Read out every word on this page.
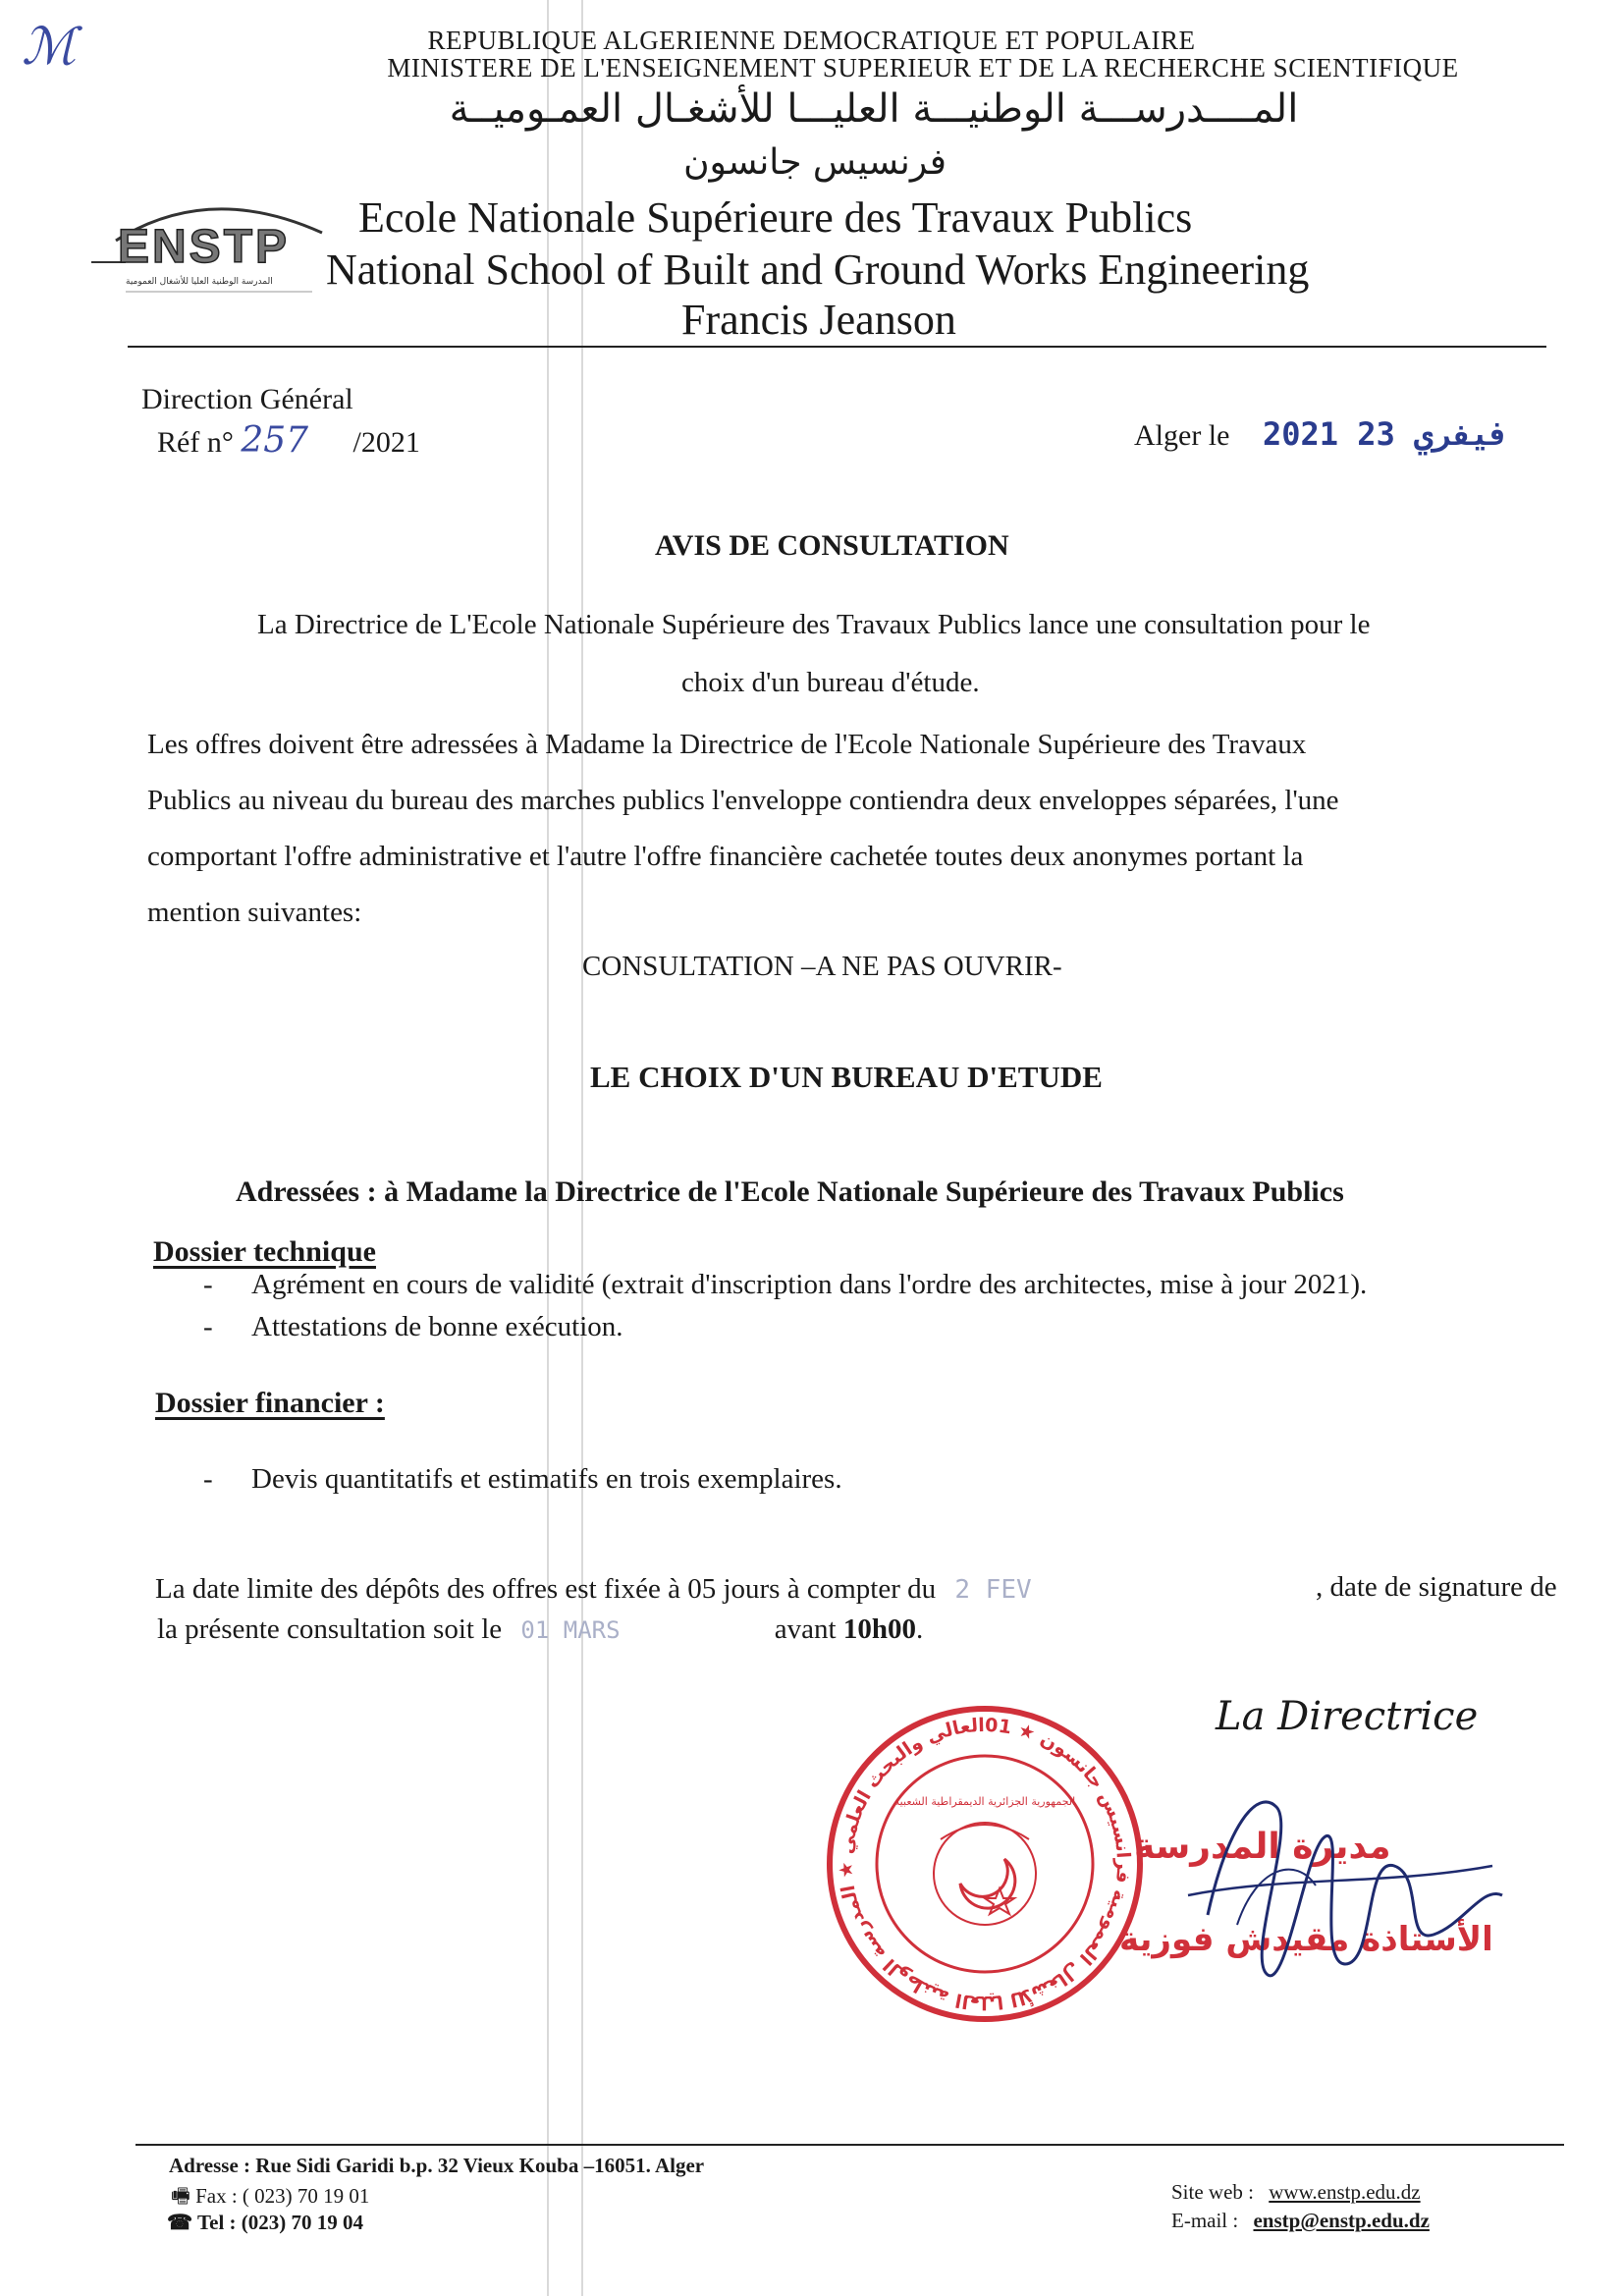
ℳ	REPUBLIQUE ALGERIENNE DEMOCRATIQUE ET POPULAIRE
MINISTERE DE L'ENSEIGNEMENT SUPERIEUR ET DE LA RECHERCHE SCIENTIFIQUE
المــــدرســـة الوطنيـــة العليـــا للأشغـال العمـوميــة
فرنسيس جانسون
ENSTP
المدرسة الوطنية العليا للأشغال العمومية
Ecole Nationale Supérieure des Travaux Publics
National School of Built and Ground Works Engineering
Francis Jeanson
Direction Général
Réf n° 257 /2021	Alger le 2021 فيفري 23
AVIS DE CONSULTATION
La Directrice de L'Ecole Nationale Supérieure des Travaux Publics lance une consultation pour le
choix d'un bureau d'étude.
Les offres doivent être adressées à Madame la Directrice de l'Ecole Nationale Supérieure des Travaux
Publics au niveau du bureau des marches publics l'enveloppe contiendra deux enveloppes séparées, l'une
comportant l'offre administrative et l'autre l'offre financière cachetée toutes deux anonymes portant la
mention suivantes:
CONSULTATION –A NE PAS OUVRIR-
LE CHOIX D'UN BUREAU D'ETUDE
Adressées : à Madame la Directrice de l'Ecole Nationale Supérieure des Travaux Publics
Dossier technique
- Agrément en cours de validité (extrait d'inscription dans l'ordre des architectes, mise à jour 2021).
- Attestations de bonne exécution.
Dossier financier :
- Devis quantitatifs et estimatifs en trois exemplaires.
La date limite des dépôts des offres est fixée à 05 jours à compter du 2 FEV	, date de signature de
la présente consultation soit le 01 MARS	avant 10h00.
La Directrice
العالي والبحث العلمي ★ المدرسة الوطنية العليا للأشغال العمومية فرانسيس جانسون ★ 01
الجمهورية الجزائرية الديمقراطية الشعبية
مديرة المدرسة
الأستاذة مقيدش فوزية
Adresse : Rue Sidi Garidi b.p. 32 Vieux Kouba –16051. Alger
🖷 Fax : ( 023) 70 19 01
☎ Tel : (023) 70 19 04
Site web : www.enstp.edu.dz
E-mail : enstp@enstp.edu.dz
